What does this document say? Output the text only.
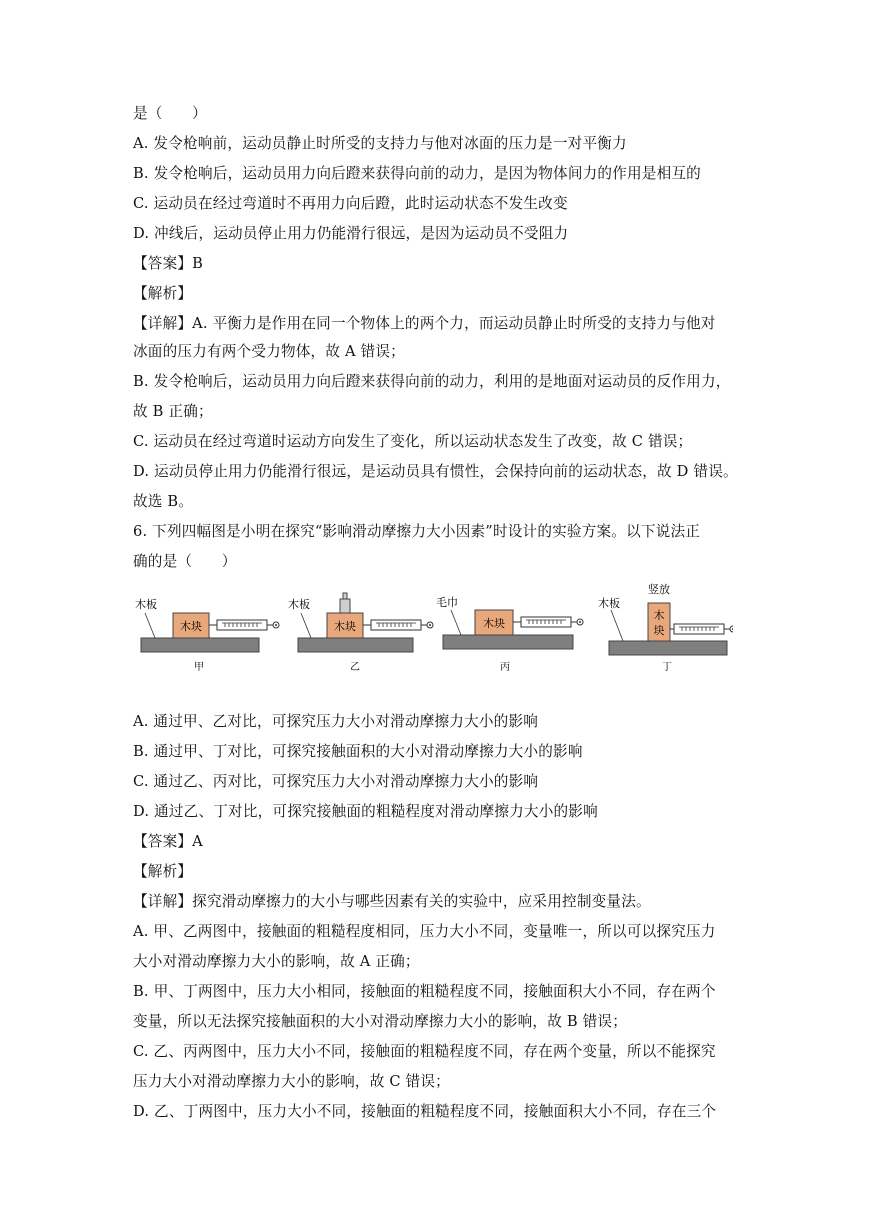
是（　　）
A. 发令枪响前，运动员静止时所受的支持力与他对冰面的压力是一对平衡力
B. 发令枪响后，运动员用力向后蹬来获得向前的动力，是因为物体间力的作用是相互的
C. 运动员在经过弯道时不再用力向后蹬，此时运动状态不发生改变
D. 冲线后，运动员停止用力仍能滑行很远，是因为运动员不受阻力
【答案】B
【解析】
【详解】A. 平衡力是作用在同一个物体上的两个力，而运动员静止时所受的支持力与他对
冰面的压力有两个受力物体，故 A 错误；
B. 发令枪响后，运动员用力向后蹬来获得向前的动力，利用的是地面对运动员的反作用力，
故 B 正确；
C. 运动员在经过弯道时运动方向发生了变化，所以运动状态发生了改变，故 C 错误；
D. 运动员停止用力仍能滑行很远，是运动员具有惯性，会保持向前的运动状态，故 D 错误。
故选 B。
6. 下列四幅图是小明在探究“影响滑动摩擦力大小因素”时设计的实验方案。以下说法正
确的是（　　）
木板
木块
甲
木板
木块
乙
毛巾
木块
丙
木板
竖放
木
块
丁
A. 通过甲、乙对比，可探究压力大小对滑动摩擦力大小的影响
B. 通过甲、丁对比，可探究接触面积的大小对滑动摩擦力大小的影响
C. 通过乙、丙对比，可探究压力大小对滑动摩擦力大小的影响
D. 通过乙、丁对比，可探究接触面的粗糙程度对滑动摩擦力大小的影响
【答案】A
【解析】
【详解】探究滑动摩擦力的大小与哪些因素有关的实验中，应采用控制变量法。
A. 甲、乙两图中，接触面的粗糙程度相同，压力大小不同，变量唯一，所以可以探究压力
大小对滑动摩擦力大小的影响，故 A 正确；
B. 甲、丁两图中，压力大小相同，接触面的粗糙程度不同，接触面积大小不同，存在两个
变量，所以无法探究接触面积的大小对滑动摩擦力大小的影响，故 B 错误；
C. 乙、丙两图中，压力大小不同，接触面的粗糙程度不同，存在两个变量，所以不能探究
压力大小对滑动摩擦力大小的影响，故 C 错误；
D. 乙、丁两图中，压力大小不同，接触面的粗糙程度不同，接触面积大小不同，存在三个
